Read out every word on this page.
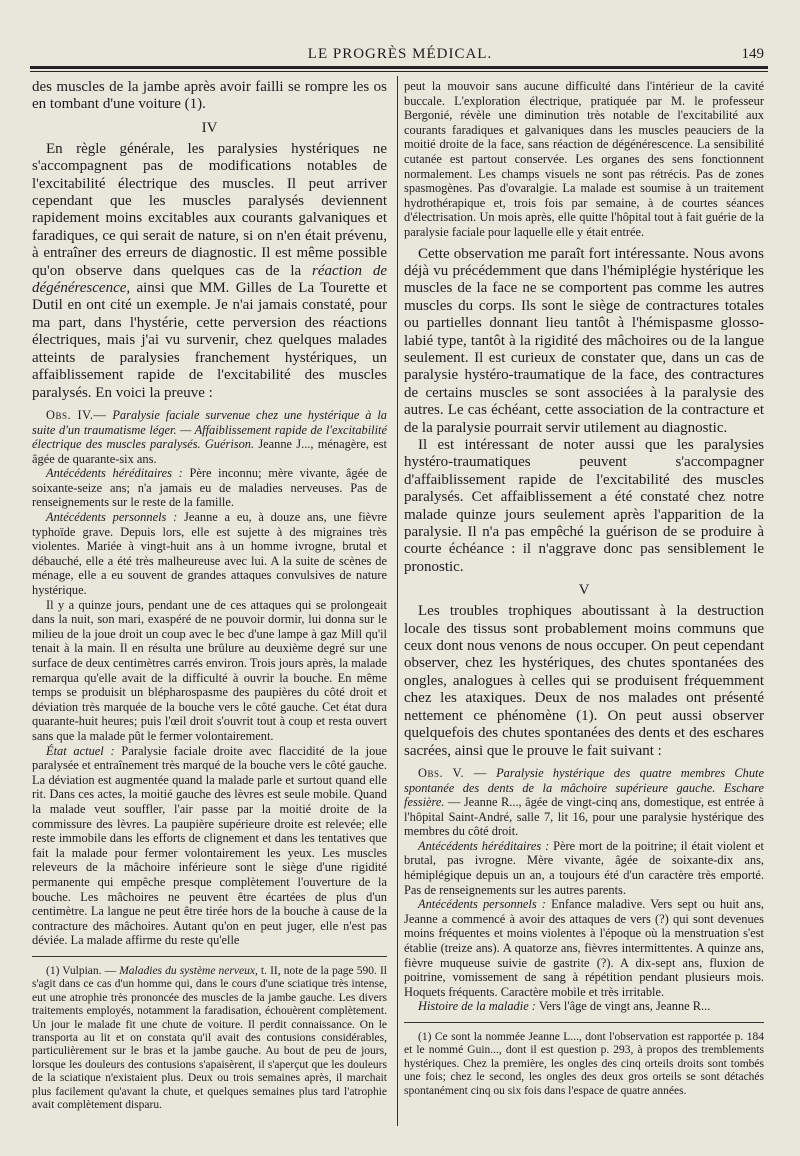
LE PROGRÈS MÉDICAL.	149

des muscles de la jambe après avoir failli se rompre les os en tombant d'une voiture (1).

IV

En règle générale, les paralysies hystériques ne s'accompagnent pas de modifications notables de l'excitabilité électrique des muscles. Il peut arriver cependant que les muscles paralysés deviennent rapidement moins excitables aux courants galvaniques et faradiques, ce qui serait de nature, si on n'en était prévenu, à entraîner des erreurs de diagnostic. Il est même possible qu'on observe dans quelques cas de la réaction de dégénérescence, ainsi que MM. Gilles de La Tourette et Dutil en ont cité un exemple. Je n'ai jamais constaté, pour ma part, dans l'hystérie, cette perversion des réactions électriques, mais j'ai vu survenir, chez quelques malades atteints de paralysies franchement hystériques, un affaiblissement rapide de l'excitabilité des muscles paralysés. En voici la preuve :

Obs. IV.— Paralysie faciale survenue chez une hystérique à la suite d'un traumatisme léger. — Affaiblissement rapide de l'excitabilité électrique des muscles paralysés. Guérison. Jeanne J..., ménagère, est âgée de quarante-six ans.

Antécédents héréditaires : Père inconnu; mère vivante, âgée de soixante-seize ans; n'a jamais eu de maladies nerveuses. Pas de renseignements sur le reste de la famille.

Antécédents personnels : Jeanne a eu, à douze ans, une fièvre typhoïde grave. Depuis lors, elle est sujette à des migraines très violentes. Mariée à vingt-huit ans à un homme ivrogne, brutal et débauché, elle a été très malheureuse avec lui. A la suite de scènes de ménage, elle a eu souvent de grandes attaques convulsives de nature hystérique.

Il y a quinze jours, pendant une de ces attaques qui se prolongeait dans la nuit, son mari, exaspéré de ne pouvoir dormir, lui donna sur le milieu de la joue droit un coup avec le bec d'une lampe à gaz Mill qu'il tenait à la main. Il en résulta une brûlure au deuxième degré sur une surface de deux centimètres carrés environ. Trois jours après, la malade remarqua qu'elle avait de la difficulté à ouvrir la bouche. En même temps se produisit un blépharospasme des paupières du côté droit et déviation très marquée de la bouche vers le côté gauche. Cet état dura quarante-huit heures; puis l'œil droit s'ouvrit tout à coup et resta ouvert sans que la malade pût le fermer volontairement.

État actuel : Paralysie faciale droite avec flaccidité de la joue paralysée et entraînement très marqué de la bouche vers le côté gauche. La déviation est augmentée quand la malade parle et surtout quand elle rit. Dans ces actes, la moitié gauche des lèvres est seule mobile. Quand la malade veut souffler, l'air passe par la moitié droite de la commissure des lèvres. La paupière supérieure droite est relevée; elle reste immobile dans les efforts de clignement et dans les tentatives que fait la malade pour fermer volontairement les yeux. Les muscles releveurs de la mâchoire inférieure sont le siège d'une rigidité permanente qui empêche presque complètement l'ouverture de la bouche. Les mâchoires ne peuvent être écartées de plus d'un centimètre. La langue ne peut être tirée hors de la bouche à cause de la contracture des mâchoires. Autant qu'on en peut juger, elle n'est pas déviée. La malade affirme du reste qu'elle

(1) Vulpian. — Maladies du système nerveux, t. II, note de la page 590. Il s'agit dans ce cas d'un homme qui, dans le cours d'une sciatique très intense, eut une atrophie très prononcée des muscles de la jambe gauche. Les divers traitements employés, notamment la faradisation, échouèrent complètement. Un jour le malade fit une chute de voiture. Il perdit connaissance. On le transporta au lit et on constata qu'il avait des contusions considérables, particulièrement sur le bras et la jambe gauche. Au bout de peu de jours, lorsque les douleurs des contusions s'apaisèrent, il s'aperçut que les douleurs de la sciatique n'existaient plus. Deux ou trois semaines après, il marchait plus facilement qu'avant la chute, et quelques semaines plus tard l'atrophie avait complètement disparu.

peut la mouvoir sans aucune difficulté dans l'intérieur de la cavité buccale. L'exploration électrique, pratiquée par M. le professeur Bergonié, révèle une diminution très notable de l'excitabilité aux courants faradiques et galvaniques dans les muscles peauciers de la moitié droite de la face, sans réaction de dégénérescence. La sensibilité cutanée est partout conservée. Les organes des sens fonctionnent normalement. Les champs visuels ne sont pas rétrécis. Pas de zones spasmogènes. Pas d'ovaralgie. La malade est soumise à un traitement hydrothérapique et, trois fois par semaine, à de courtes séances d'électrisation. Un mois après, elle quitte l'hôpital tout à fait guérie de la paralysie faciale pour laquelle elle y était entrée.

Cette observation me paraît fort intéressante. Nous avons déjà vu précédemment que dans l'hémiplégie hystérique les muscles de la face ne se comportent pas comme les autres muscles du corps. Ils sont le siège de contractures totales ou partielles donnant lieu tantôt à l'hémispasme glosso-labié type, tantôt à la rigidité des mâchoires ou de la langue seulement. Il est curieux de constater que, dans un cas de paralysie hystéro-traumatique de la face, des contractures de certains muscles se sont associées à la paralysie des autres. Le cas échéant, cette association de la contracture et de la paralysie pourrait servir utilement au diagnostic.

Il est intéressant de noter aussi que les paralysies hystéro-traumatiques peuvent s'accompagner d'affaiblissement rapide de l'excitabilité des muscles paralysés. Cet affaiblissement a été constaté chez notre malade quinze jours seulement après l'apparition de la paralysie. Il n'a pas empêché la guérison de se produire à courte échéance : il n'aggrave donc pas sensiblement le pronostic.

V

Les troubles trophiques aboutissant à la destruction locale des tissus sont probablement moins communs que ceux dont nous venons de nous occuper. On peut cependant observer, chez les hystériques, des chutes spontanées des ongles, analogues à celles qui se produisent fréquemment chez les ataxiques. Deux de nos malades ont présenté nettement ce phénomène (1). On peut aussi observer quelquefois des chutes spontanées des dents et des eschares sacrées, ainsi que le prouve le fait suivant :

Obs. V. — Paralysie hystérique des quatre membres Chute spontanée des dents de la mâchoire supérieure gauche. Eschare fessière. — Jeanne R..., âgée de vingt-cinq ans, domestique, est entrée à l'hôpital Saint-André, salle 7, lit 16, pour une paralysie hystérique des membres du côté droit.

Antécédents héréditaires : Père mort de la poitrine; il était violent et brutal, pas ivrogne. Mère vivante, âgée de soixante-dix ans, hémiplégique depuis un an, a toujours été d'un caractère très emporté. Pas de renseignements sur les autres parents.

Antécédents personnels : Enfance maladive. Vers sept ou huit ans, Jeanne a commencé à avoir des attaques de vers (?) qui sont devenues moins fréquentes et moins violentes à l'époque où la menstruation s'est établie (treize ans). A quatorze ans, fièvres intermittentes. A quinze ans, fièvre muqueuse suivie de gastrite (?). A dix-sept ans, fluxion de poitrine, vomissement de sang à répétition pendant plusieurs mois. Hoquets fréquents. Caractère mobile et très irritable.

Histoire de la maladie : Vers l'âge de vingt ans, Jeanne R...

(1) Ce sont la nommée Jeanne L..., dont l'observation est rapportée p. 184 et le nommé Guin..., dont il est question p. 293, à propos des tremblements hystériques. Chez la première, les ongles des cinq orteils droits sont tombés une fois; chez le second, les ongles des deux gros orteils se sont détachés spontanément cinq ou six fois dans l'espace de quatre années.
